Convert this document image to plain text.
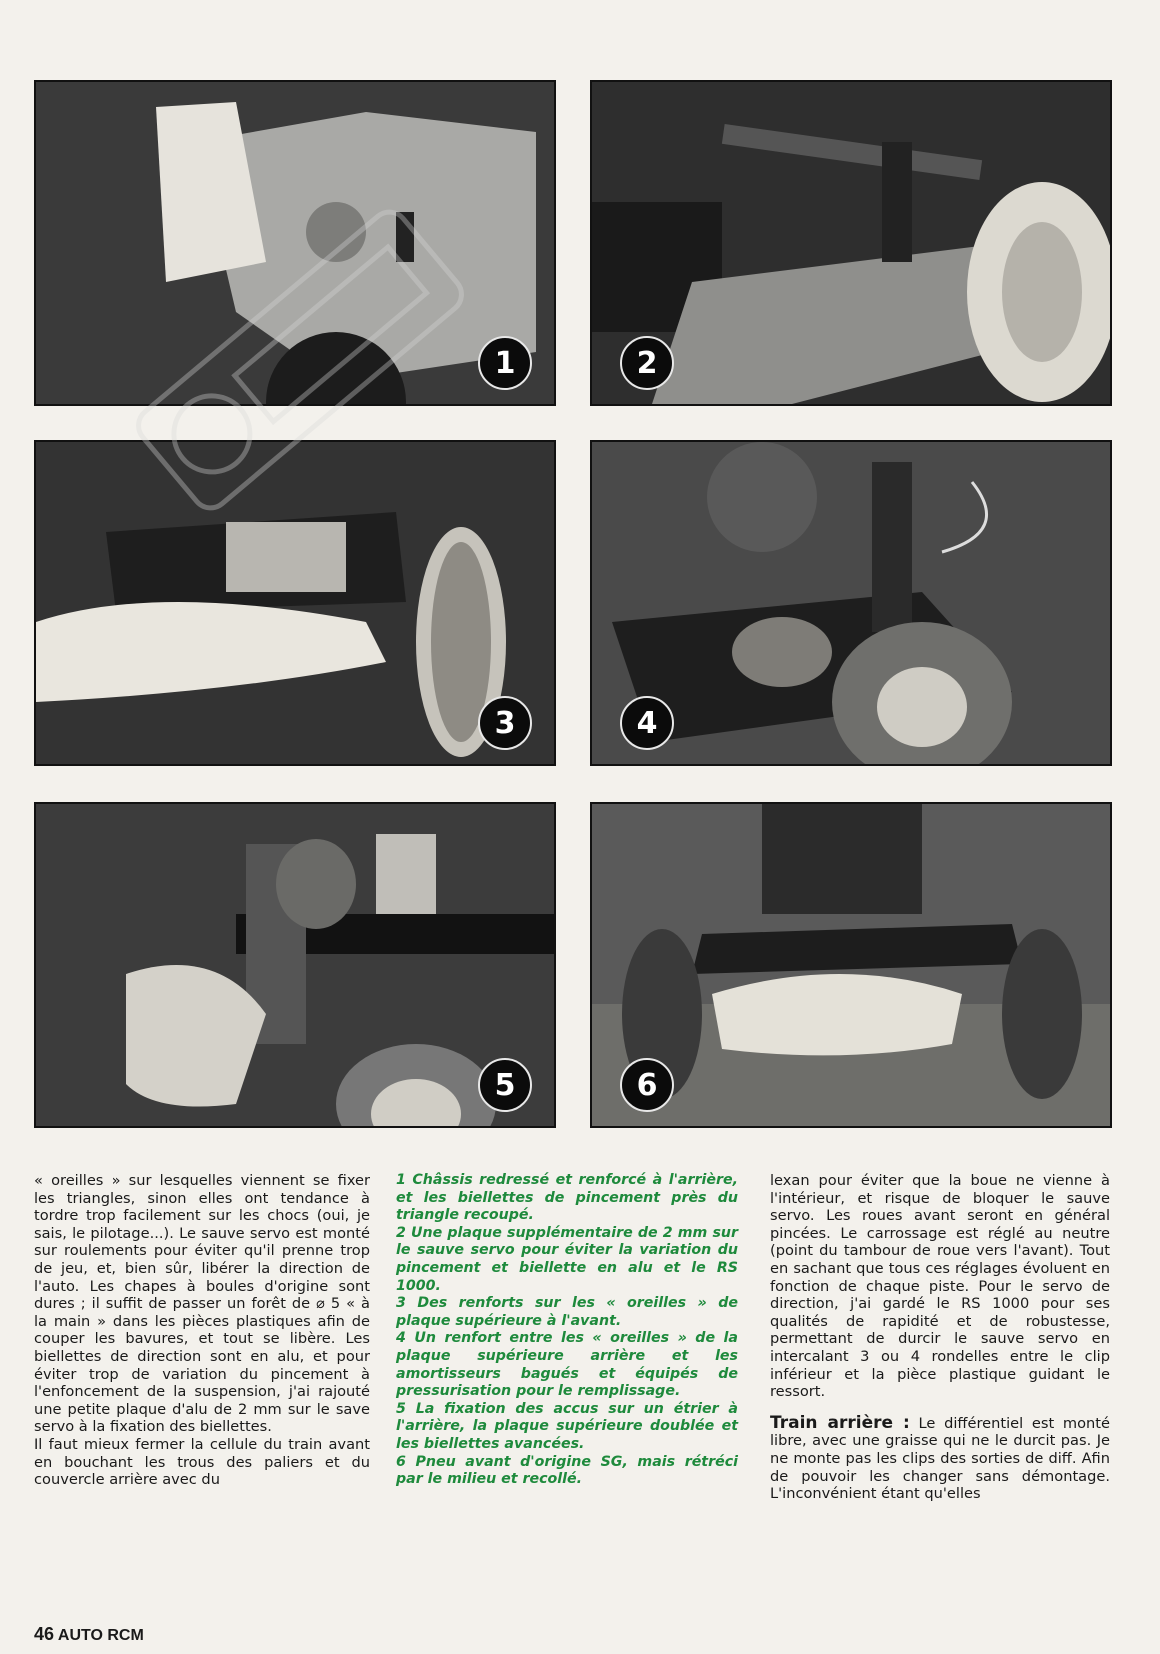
1	2
3	4
5	6

« oreilles » sur lesquelles viennent se fixer les triangles, sinon elles ont tendance à tordre trop facilement sur les chocs (oui, je sais, le pilotage...). Le sauve servo est monté sur roulements pour éviter qu'il prenne trop de jeu, et, bien sûr, libérer la direction de l'auto. Les chapes à boules d'origine sont dures ; il suffit de passer un forêt de ⌀ 5 « à la main » dans les pièces plastiques afin de couper les bavures, et tout se libère. Les biellettes de direction sont en alu, et pour éviter trop de variation du pincement à l'enfoncement de la suspension, j'ai rajouté une petite plaque d'alu de 2 mm sur le save servo à la fixation des biellettes.

Il faut mieux fermer la cellule du train avant en bouchant les trous des paliers et du couvercle arrière avec du

1 Châssis redressé et renforcé à l'arrière, et les biellettes de pincement près du triangle recoupé.

2 Une plaque supplémentaire de 2 mm sur le sauve servo pour éviter la variation du pincement et biellette en alu et le RS 1000.

3 Des renforts sur les « oreilles » de plaque supérieure à l'avant.

4 Un renfort entre les « oreilles » de la plaque supérieure arrière et les amortisseurs bagués et équipés de pressurisation pour le remplissage.

5 La fixation des accus sur un étrier à l'arrière, la plaque supérieure doublée et les biellettes avancées.

6 Pneu avant d'origine SG, mais rétréci par le milieu et recollé.

lexan pour éviter que la boue ne vienne à l'intérieur, et risque de bloquer le sauve servo. Les roues avant seront en général pincées. Le carrossage est réglé au neutre (point du tambour de roue vers l'avant). Tout en sachant que tous ces réglages évoluent en fonction de chaque piste. Pour le servo de direction, j'ai gardé le RS 1000 pour ses qualités de rapidité et de robustesse, permettant de durcir le sauve servo en intercalant 3 ou 4 rondelles entre le clip inférieur et la pièce plastique guidant le ressort.

Train arrière : Le différentiel est monté libre, avec une graisse qui ne le durcit pas. Je ne monte pas les clips des sorties de diff. Afin de pouvoir les changer sans démontage. L'inconvénient étant qu'elles

46 AUTO RCM
